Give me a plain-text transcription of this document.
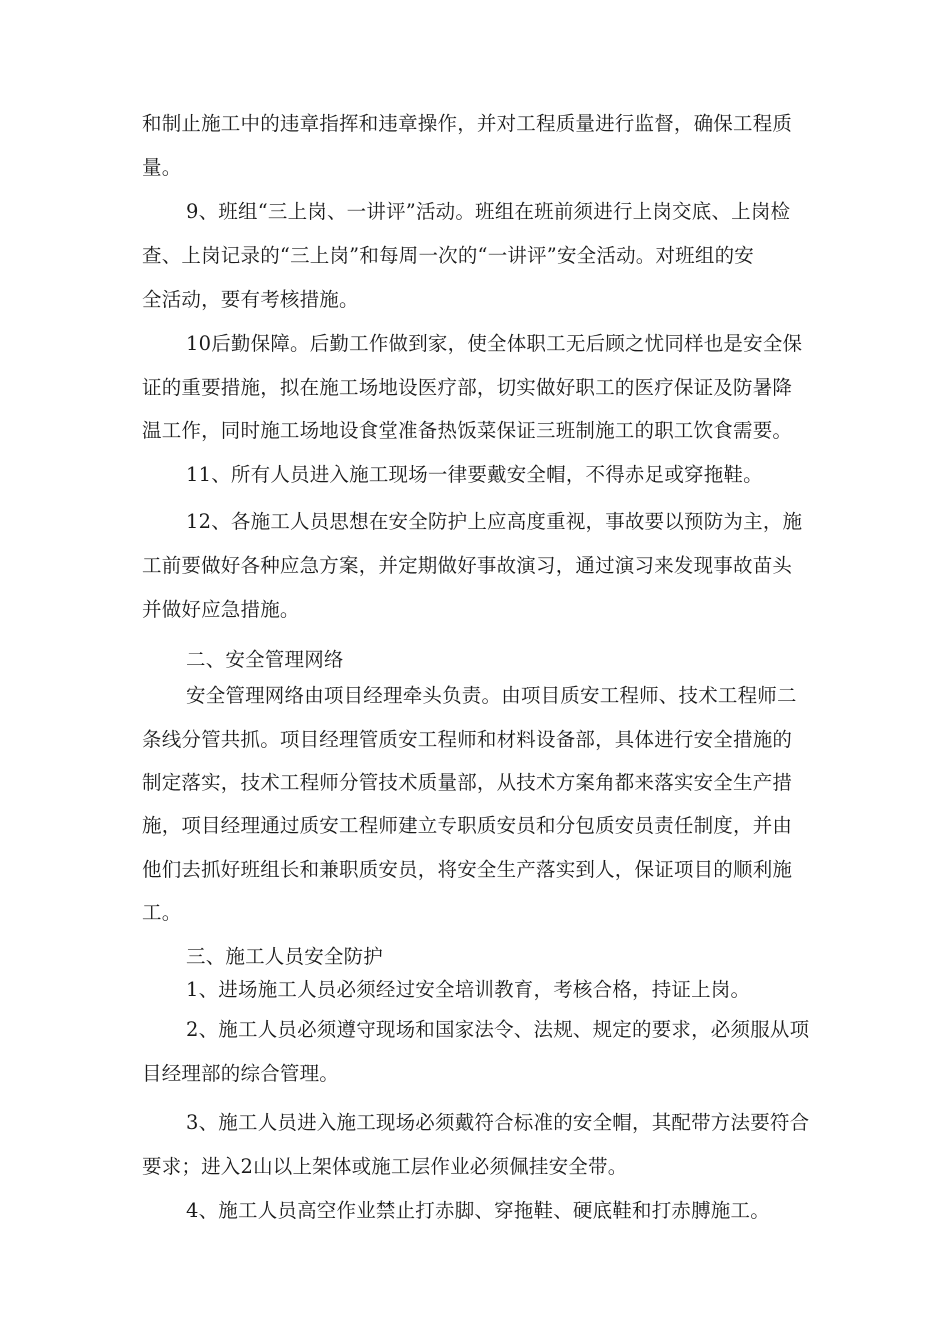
和制止施工中的违章指挥和违章操作，并对工程质量进行监督，确保工程质
量。
9、班组“三上岗、一讲评”活动。班组在班前须进行上岗交底、上岗检
查、上岗记录的“三上岗”和每周一次的“一讲评”安全活动。对班组的安
全活动，要有考核措施。
10后勤保障。后勤工作做到家，使全体职工无后顾之忧同样也是安全保
证的重要措施，拟在施工场地设医疗部，切实做好职工的医疗保证及防暑降
温工作，同时施工场地设食堂准备热饭菜保证三班制施工的职工饮食需要。
11、所有人员进入施工现场一律要戴安全帽，不得赤足或穿拖鞋。
12、各施工人员思想在安全防护上应高度重视，事故要以预防为主，施
工前要做好各种应急方案，并定期做好事故演习，通过演习来发现事故苗头
并做好应急措施。
二、安全管理网络
安全管理网络由项目经理牵头负责。由项目质安工程师、技术工程师二
条线分管共抓。项目经理管质安工程师和材料设备部，具体进行安全措施的
制定落实，技术工程师分管技术质量部，从技术方案角都来落实安全生产措
施，项目经理通过质安工程师建立专职质安员和分包质安员责任制度，并由
他们去抓好班组长和兼职质安员，将安全生产落实到人，保证项目的顺利施
工。
三、施工人员安全防护
1、进场施工人员必须经过安全培训教育，考核合格，持证上岗。
2、施工人员必须遵守现场和国家法令、法规、规定的要求，必须服从项
目经理部的综合管理。
3、施工人员进入施工现场必须戴符合标准的安全帽，其配带方法要符合
要求；进入2山以上架体或施工层作业必须佩挂安全带。
4、施工人员高空作业禁止打赤脚、穿拖鞋、硬底鞋和打赤膊施工。
